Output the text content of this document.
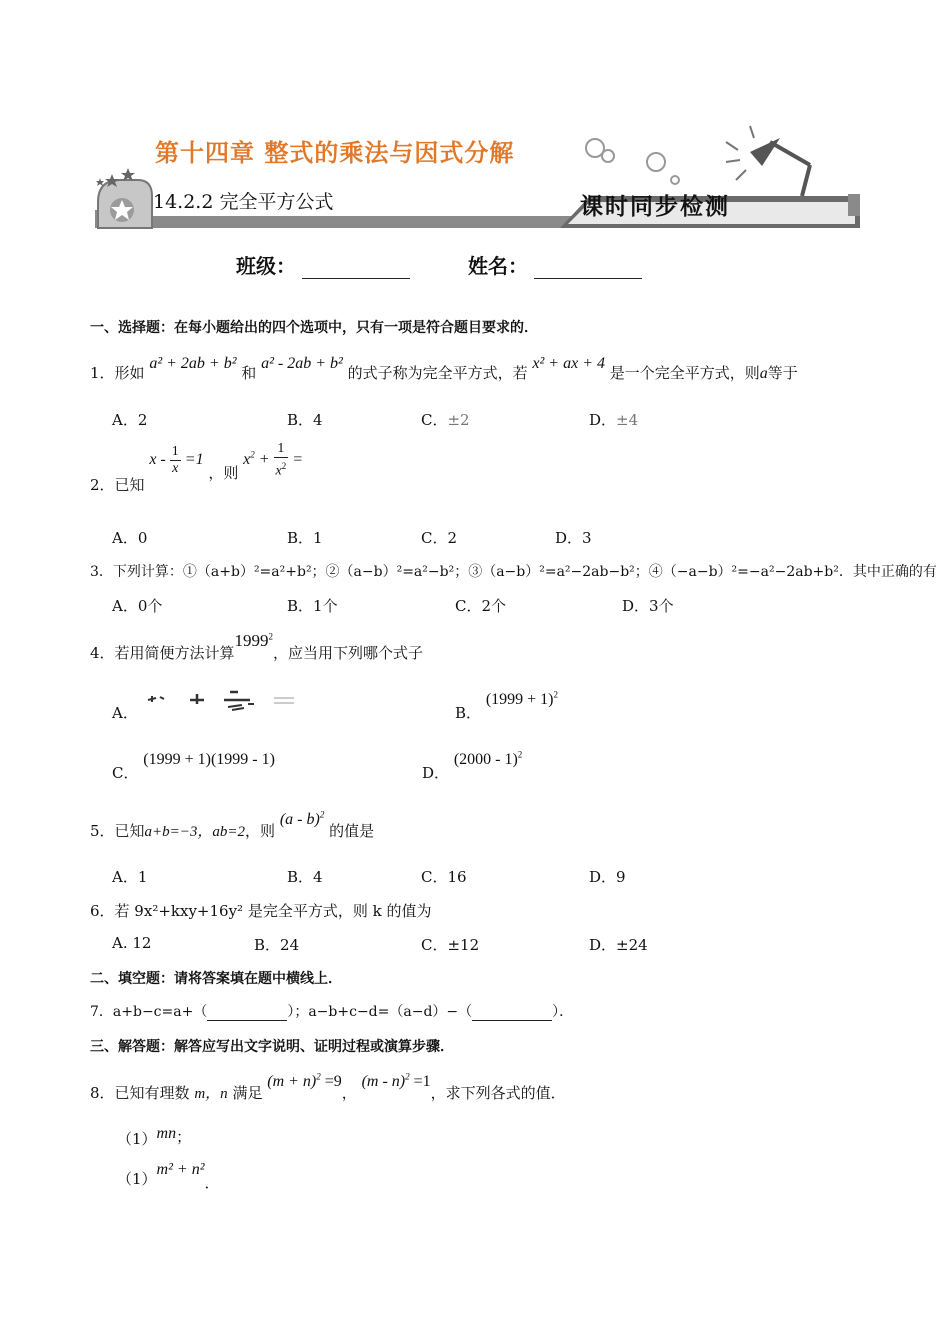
第十四章 整式的乘法与因式分解
14.2.2 完全平方公式	课时同步检测
班级：	姓名：
一、选择题：在每小题给出的四个选项中，只有一项是符合题目要求的．
1．形如 a² + 2ab + b² 和 a² - 2ab + b² 的式子称为完全平方式，若 x² + ax + 4 是一个完全平方式，则a等于
A．2	B．4	C．±2	D．±4
2．已知 $x - \frac{1}{x} =1$ ，则 $x^2 + \frac{1}{x^2}$ =
A．0	B．1	C．2	D．3
3．下列计算：①（a+b）²=a²+b²；②（a−b）²=a²−b²；③（a−b）²=a²−2ab−b²；④（−a−b）²=−a²−2ab+b²．其中正确的有
A．0个	B．1个	C．2个	D．3个
4．若用简便方法计算1999$^2$，应当用下列哪个式子
A．	B． $(1999 + 1)^2$
C． (1999 + 1)(1999 - 1)
D． (2000 - 1)$^2$
5．已知a+b=−3，ab=2，则 (a - b)$^2$ 的值是
A．1	B．4	C．16	D．9
6．若 9x²+kxy+16y² 是完全平方式，则 k 的值为
A. 12	B．24	C．±12	D．±24
二、填空题：请将答案填在题中横线上．
7．a+b−c=a+（	）；a−b+c−d=（a−d）−（	）．
三、解答题：解答应写出文字说明、证明过程或演算步骤．
8．已知有理数 m，n 满足 $(m + n)^2 =9$， (m - n)$^2$ =1，求下列各式的值．
（1）mn；
（1）m² + n²．
